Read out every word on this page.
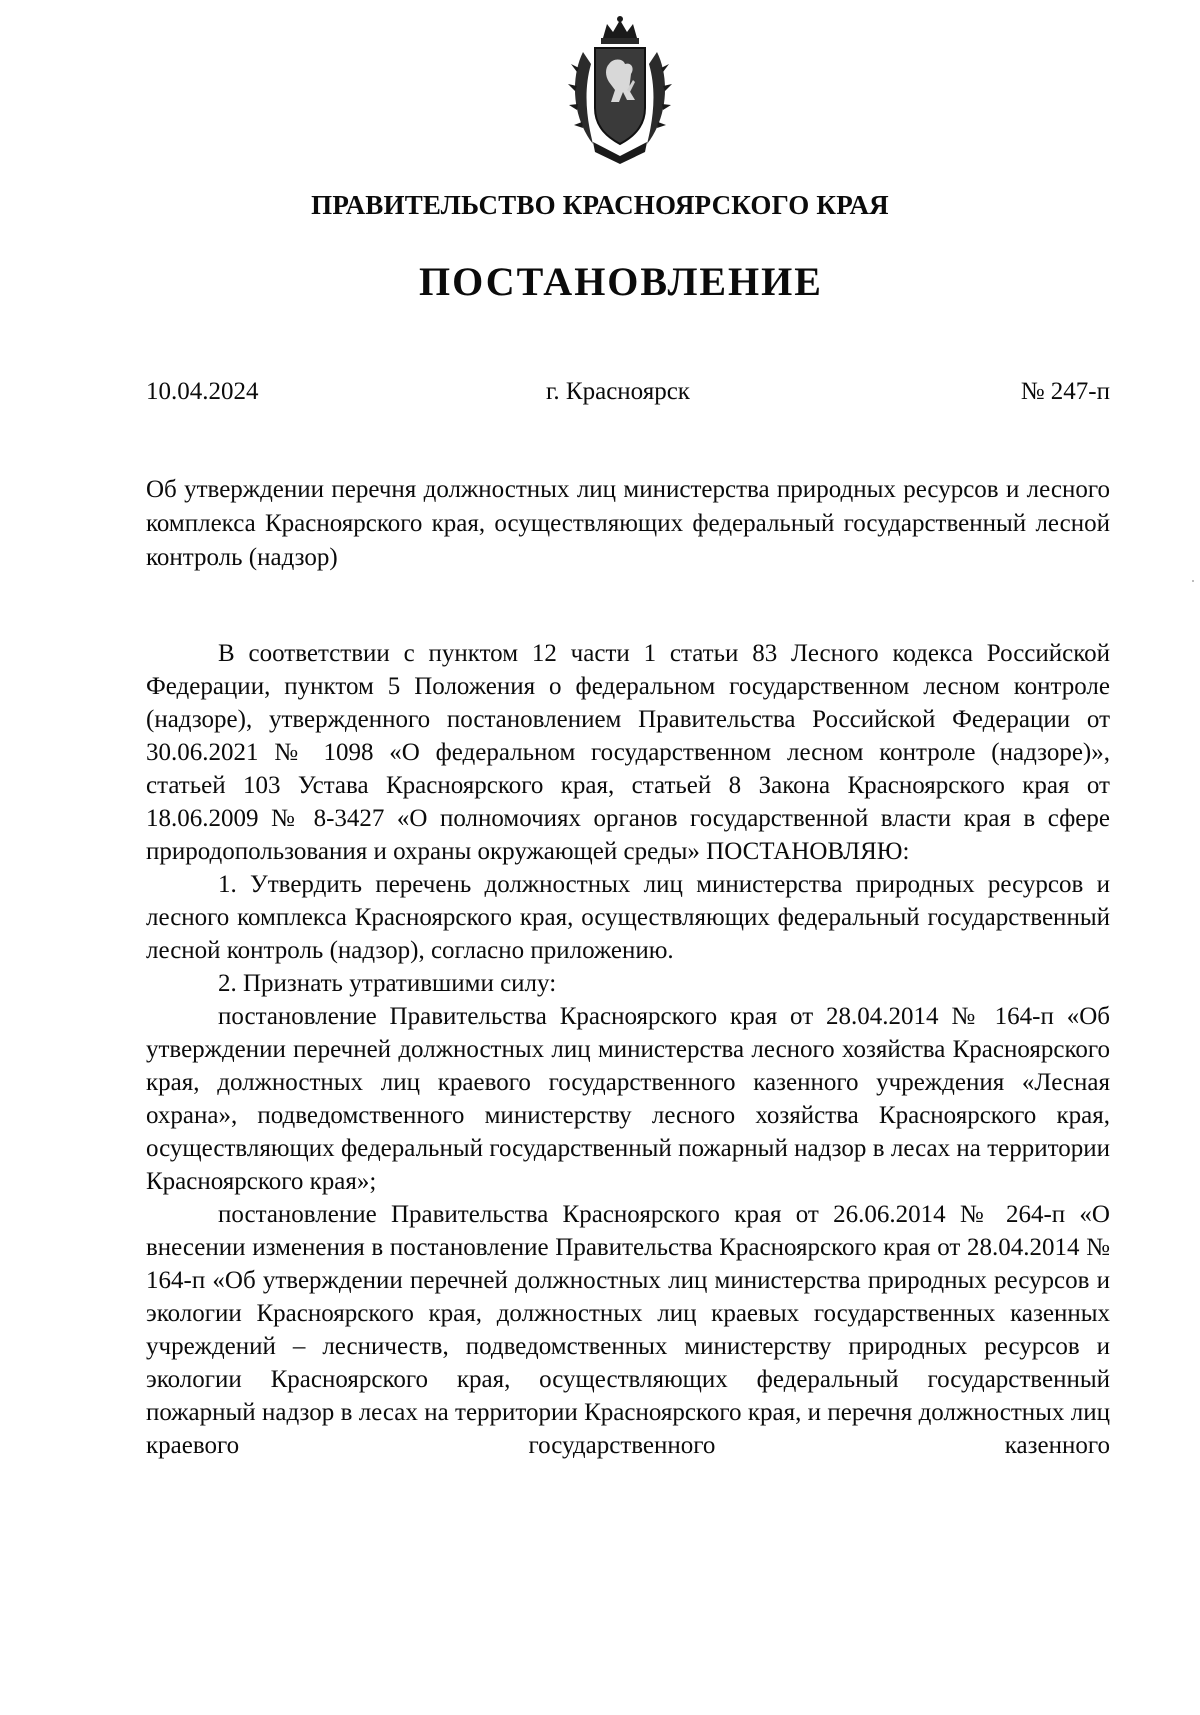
ПРАВИТЕЛЬСТВО КРАСНОЯРСКОГО КРАЯ
ПОСТАНОВЛЕНИЕ
10.04.2024	г. Красноярск	№ 247-п
Об утверждении перечня должностных лиц министерства природных ресурсов и лесного комплекса Красноярского края, осуществляющих федеральный государственный лесной контроль (надзор)

В соответствии с пунктом 12 части 1 статьи 83 Лесного кодекса Российской Федерации, пунктом 5 Положения о федеральном государственном лесном контроле (надзоре), утвержденного постановлением Правительства Российской Федерации от 30.06.2021 № 1098 «О федеральном государственном лесном контроле (надзоре)», статьей 103 Устава Красноярского края, статьей 8 Закона Красноярского края от 18.06.2009 № 8-3427 «О полномочиях органов государственной власти края в сфере природопользования и охраны окружающей среды» ПОСТАНОВЛЯЮ:

1. Утвердить перечень должностных лиц министерства природных ресурсов и лесного комплекса Красноярского края, осуществляющих федеральный государственный лесной контроль (надзор), согласно приложению.

2. Признать утратившими силу:

постановление Правительства Красноярского края от 28.04.2014 № 164-п «Об утверждении перечней должностных лиц министерства лесного хозяйства Красноярского края, должностных лиц краевого государственного казенного учреждения «Лесная охрана», подведомственного министерству лесного хозяйства Красноярского края, осуществляющих федеральный государственный пожарный надзор в лесах на территории Красноярского края»;

постановление Правительства Красноярского края от 26.06.2014 № 264-п «О внесении изменения в постановление Правительства Красноярского края от 28.04.2014 № 164-п «Об утверждении перечней должностных лиц министерства природных ресурсов и экологии Красноярского края, должностных лиц краевых государственных казенных учреждений – лесничеств, подведомственных министерству природных ресурсов и экологии Красноярского края, осуществляющих федеральный государственный пожарный надзор в лесах на территории Красноярского края, и перечня должностных лиц краевого государственного казенного
